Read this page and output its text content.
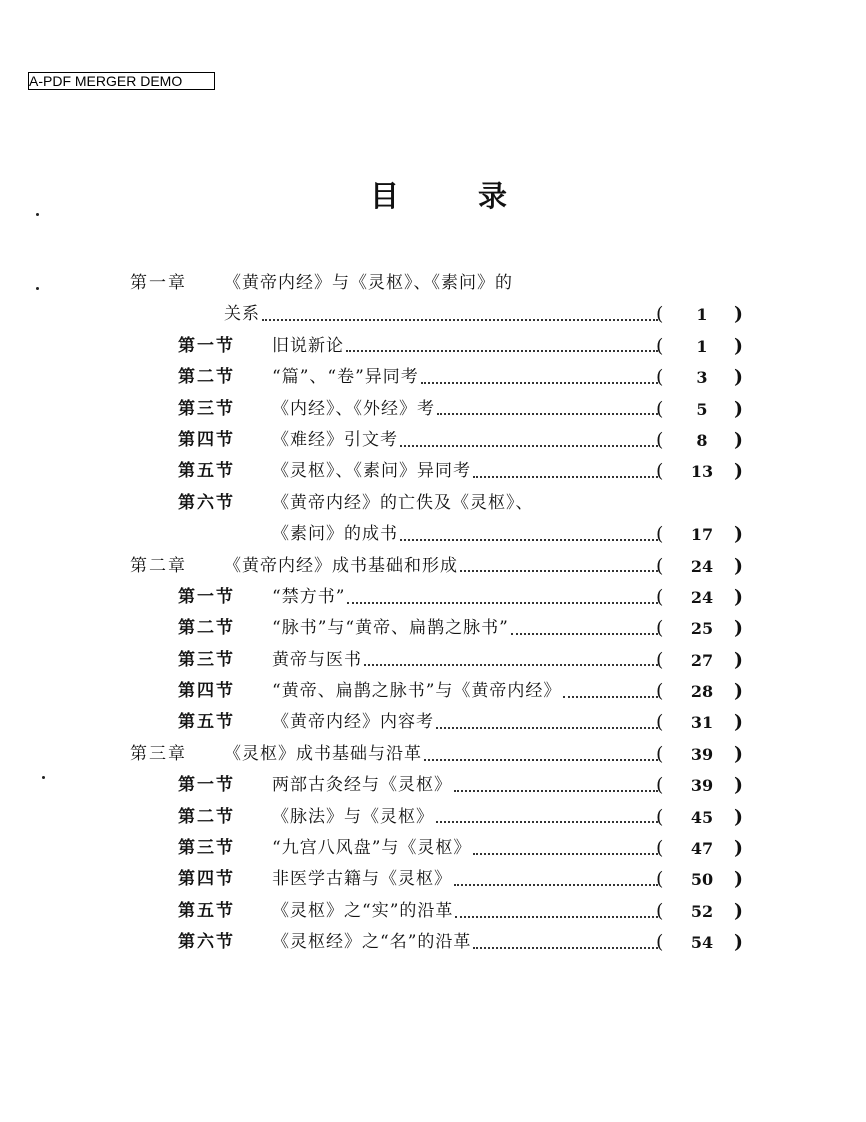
A-PDF MERGER DEMO
目	录
第一章 《黄帝内经》与《灵枢》、《素问》的
关系	(	1	)
第一节 旧说新论	(	1	)
第二节 “篇”、“卷”异同考	(	3	)
第三节 《内经》、《外经》考	(	5	)
第四节 《难经》引文考	(	8	)
第五节 《灵枢》、《素问》异同考	(	13	)
第六节 《黄帝内经》的亡佚及《灵枢》、
《素问》的成书	(	17	)
第二章 《黄帝内经》成书基础和形成	(	24	)
第一节 “禁方书”	(	24	)
第二节 “脉书”与“黄帝、扁鹊之脉书”	(	25	)
第三节 黄帝与医书	(	27	)
第四节 “黄帝、扁鹊之脉书”与《黄帝内经》	(	28	)
第五节 《黄帝内经》内容考	(	31	)
第三章 《灵枢》成书基础与沿革	(	39	)
第一节 两部古灸经与《灵枢》	(	39	)
第二节 《脉法》与《灵枢》	(	45	)
第三节 “九宫八风盘”与《灵枢》	(	47	)
第四节 非医学古籍与《灵枢》	(	50	)
第五节 《灵枢》之“实”的沿革	(	52	)
第六节 《灵枢经》之“名”的沿革	(	54	)
